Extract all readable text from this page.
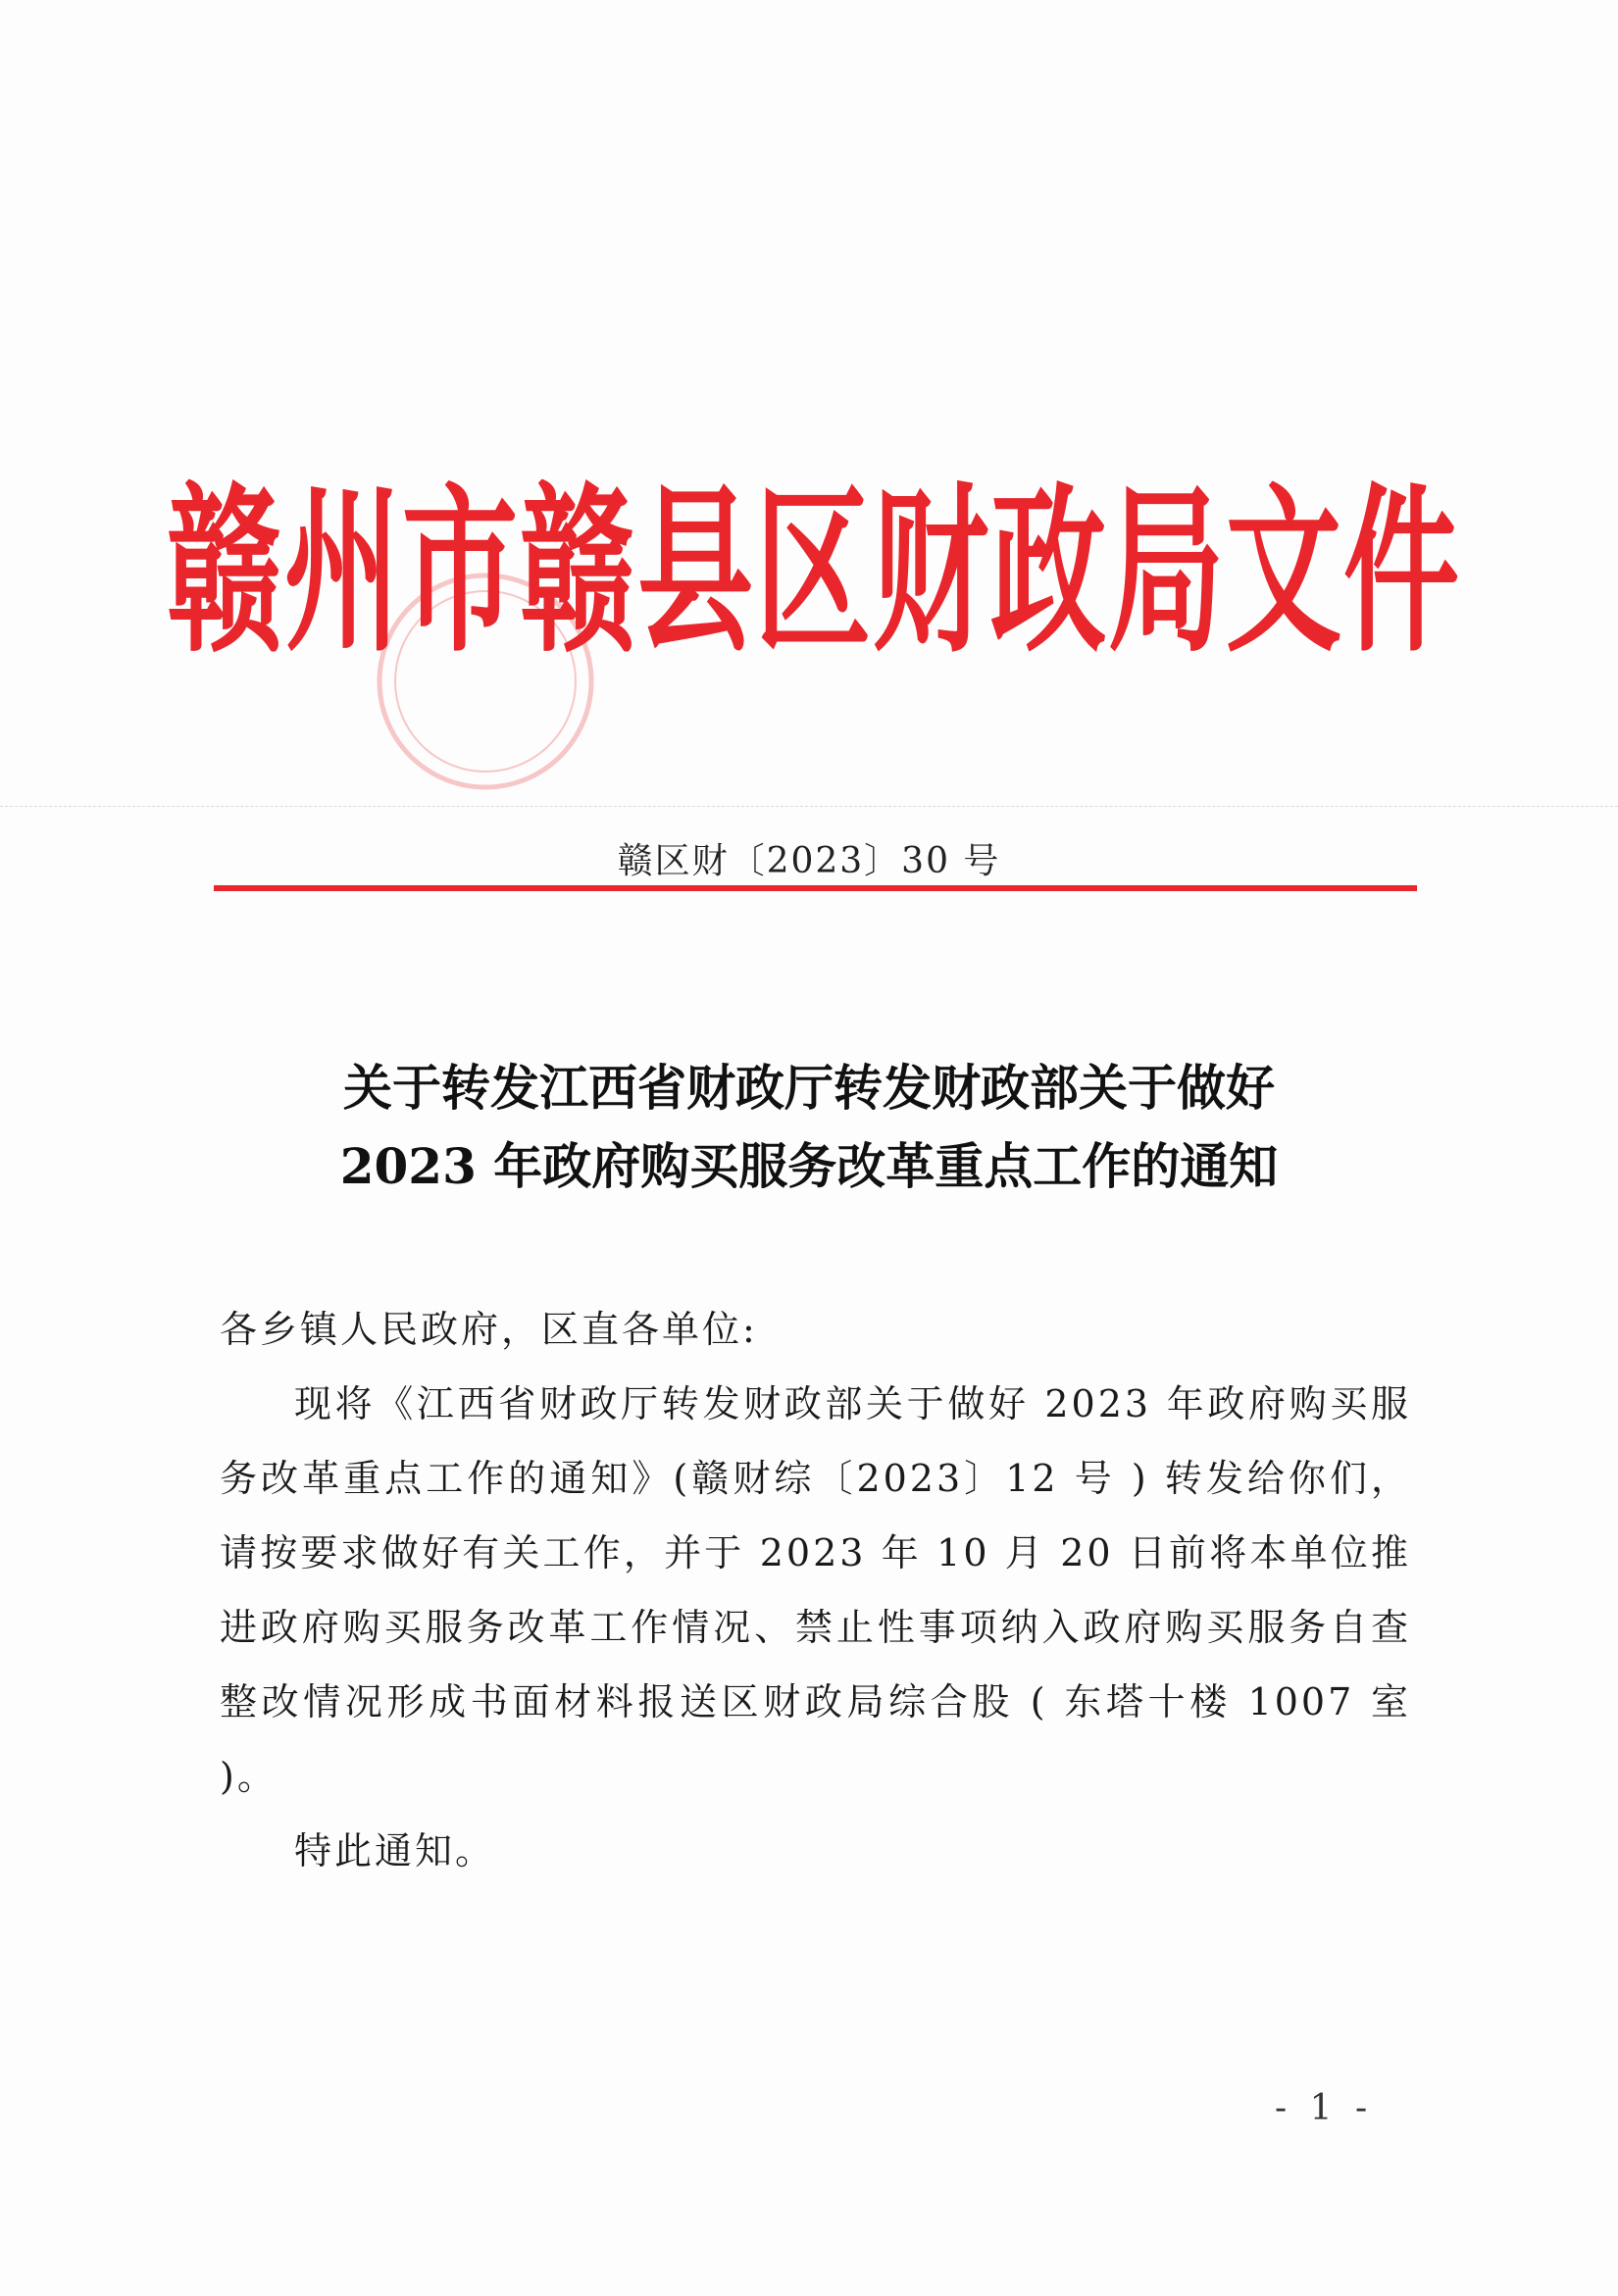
赣州市赣县区财政局文件
赣区财〔2023〕30 号
关于转发江西省财政厅转发财政部关于做好
2023 年政府购买服务改革重点工作的通知

各乡镇人民政府，区直各单位:

现将《江西省财政厅转发财政部关于做好 2023 年政府购买服务改革重点工作的通知》(赣财综〔2023〕12 号 ) 转发给你们，请按要求做好有关工作，并于 2023 年 10 月 20 日前将本单位推进政府购买服务改革工作情况、禁止性事项纳入政府购买服务自查整改情况形成书面材料报送区财政局综合股 ( 东塔十楼 1007 室 )。

特此通知。

- 1 -
